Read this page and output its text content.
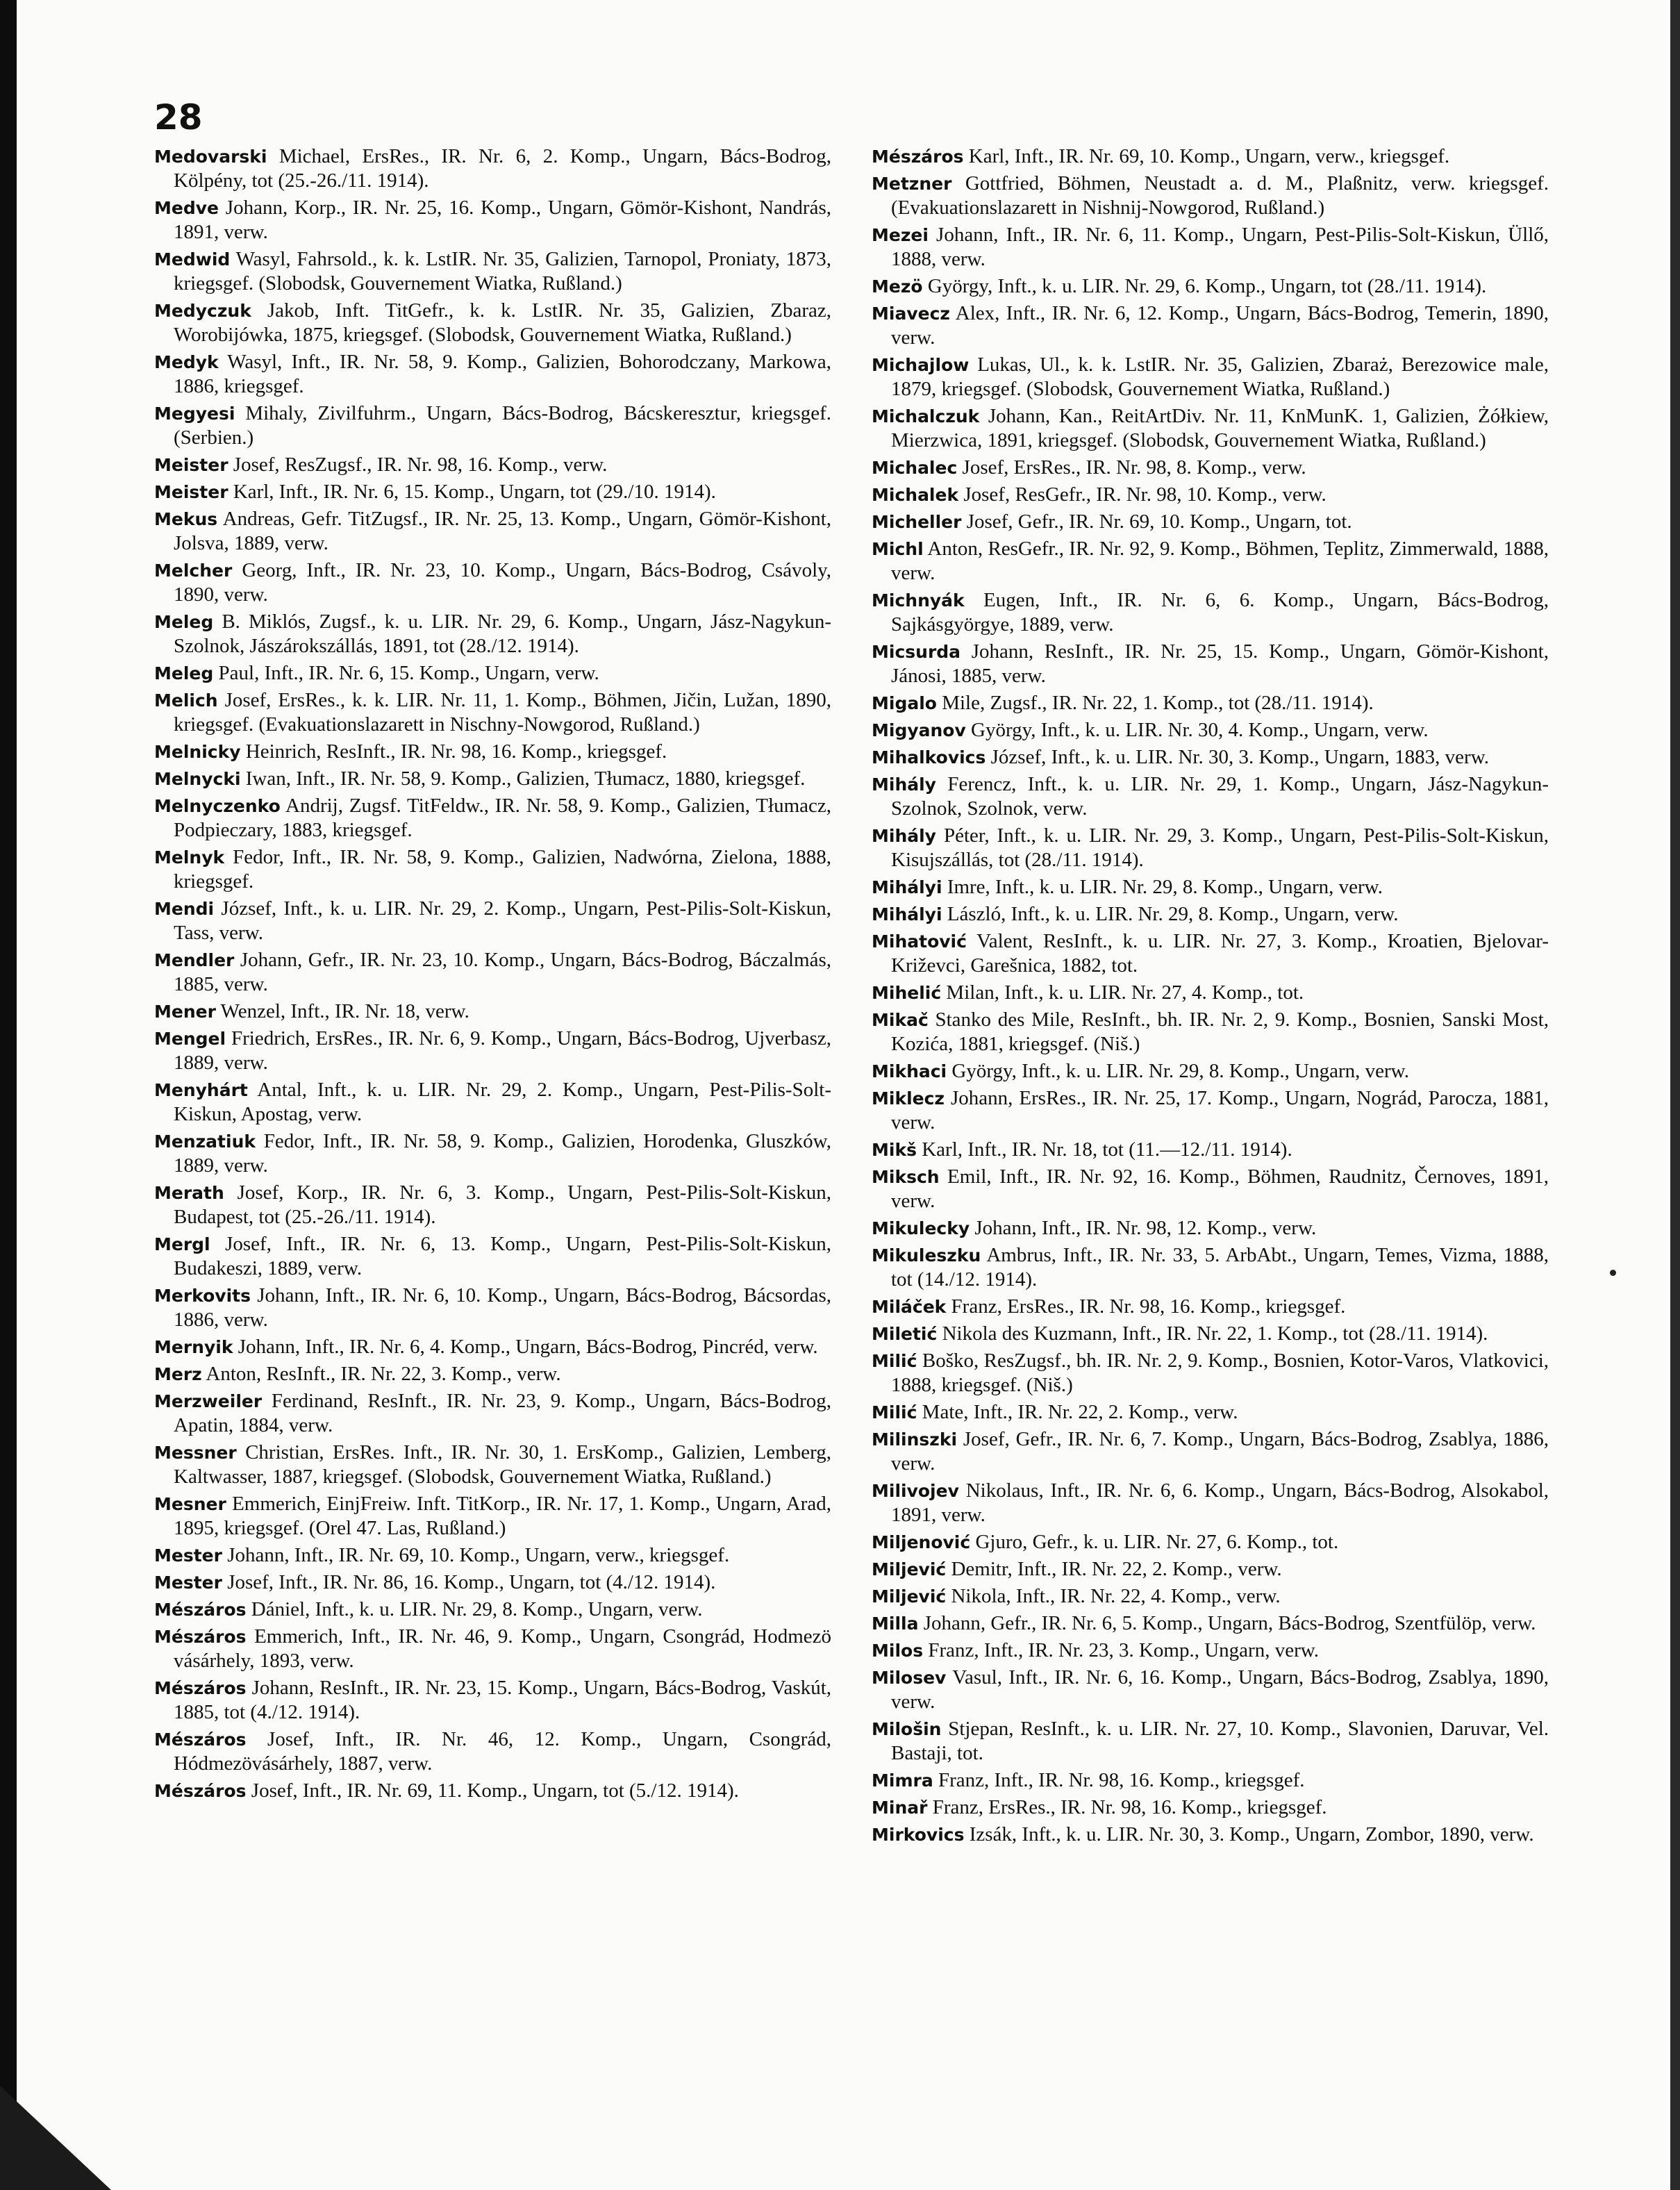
28

Medovarski Michael, ErsRes., IR. Nr. 6, 2. Komp., Ungarn, Bács-Bodrog, Kölpény, tot (25.-26./11. 1914).

Medve Johann, Korp., IR. Nr. 25, 16. Komp., Ungarn, Gömör-Kishont, Nandrás, 1891, verw.

Medwid Wasyl, Fahrsold., k. k. LstIR. Nr. 35, Galizien, Tarnopol, Proniaty, 1873, kriegsgef. (Slobodsk, Gouvernement Wiatka, Rußland.)

Medyczuk Jakob, Inft. TitGefr., k. k. LstIR. Nr. 35, Galizien, Zbaraz, Worobijówka, 1875, kriegsgef. (Slobodsk, Gouvernement Wiatka, Rußland.)

Medyk Wasyl, Inft., IR. Nr. 58, 9. Komp., Galizien, Bohorodczany, Markowa, 1886, kriegsgef.

Megyesi Mihaly, Zivilfuhrm., Ungarn, Bács-Bodrog, Bácskeresztur, kriegsgef. (Serbien.)

Meister Josef, ResZugsf., IR. Nr. 98, 16. Komp., verw.

Meister Karl, Inft., IR. Nr. 6, 15. Komp., Ungarn, tot (29./10. 1914).

Mekus Andreas, Gefr. TitZugsf., IR. Nr. 25, 13. Komp., Ungarn, Gömör-Kishont, Jolsva, 1889, verw.

Melcher Georg, Inft., IR. Nr. 23, 10. Komp., Ungarn, Bács-Bodrog, Csávoly, 1890, verw.

Meleg B. Miklós, Zugsf., k. u. LIR. Nr. 29, 6. Komp., Ungarn, Jász-Nagykun-Szolnok, Jászárokszállás, 1891, tot (28./12. 1914).

Meleg Paul, Inft., IR. Nr. 6, 15. Komp., Ungarn, verw.

Melich Josef, ErsRes., k. k. LIR. Nr. 11, 1. Komp., Böhmen, Jičin, Lužan, 1890, kriegsgef. (Evakuationslazarett in Nischny-Nowgorod, Rußland.)

Melnicky Heinrich, ResInft., IR. Nr. 98, 16. Komp., kriegsgef.

Melnycki Iwan, Inft., IR. Nr. 58, 9. Komp., Galizien, Tłumacz, 1880, kriegsgef.

Melnyczenko Andrij, Zugsf. TitFeldw., IR. Nr. 58, 9. Komp., Galizien, Tłumacz, Podpieczary, 1883, kriegsgef.

Melnyk Fedor, Inft., IR. Nr. 58, 9. Komp., Galizien, Nadwórna, Zielona, 1888, kriegsgef.

Mendi József, Inft., k. u. LIR. Nr. 29, 2. Komp., Ungarn, Pest-Pilis-Solt-Kiskun, Tass, verw.

Mendler Johann, Gefr., IR. Nr. 23, 10. Komp., Ungarn, Bács-Bodrog, Báczalmás, 1885, verw.

Mener Wenzel, Inft., IR. Nr. 18, verw.

Mengel Friedrich, ErsRes., IR. Nr. 6, 9. Komp., Ungarn, Bács-Bodrog, Ujverbasz, 1889, verw.

Menyhárt Antal, Inft., k. u. LIR. Nr. 29, 2. Komp., Ungarn, Pest-Pilis-Solt-Kiskun, Apostag, verw.

Menzatiuk Fedor, Inft., IR. Nr. 58, 9. Komp., Galizien, Horodenka, Gluszków, 1889, verw.

Merath Josef, Korp., IR. Nr. 6, 3. Komp., Ungarn, Pest-Pilis-Solt-Kiskun, Budapest, tot (25.-26./11. 1914).

Mergl Josef, Inft., IR. Nr. 6, 13. Komp., Ungarn, Pest-Pilis-Solt-Kiskun, Budakeszi, 1889, verw.

Merkovits Johann, Inft., IR. Nr. 6, 10. Komp., Ungarn, Bács-Bodrog, Bácsordas, 1886, verw.

Mernyik Johann, Inft., IR. Nr. 6, 4. Komp., Ungarn, Bács-Bodrog, Pincréd, verw.

Merz Anton, ResInft., IR. Nr. 22, 3. Komp., verw.

Merzweiler Ferdinand, ResInft., IR. Nr. 23, 9. Komp., Ungarn, Bács-Bodrog, Apatin, 1884, verw.

Messner Christian, ErsRes. Inft., IR. Nr. 30, 1. ErsKomp., Galizien, Lemberg, Kaltwasser, 1887, kriegsgef. (Slobodsk, Gouvernement Wiatka, Rußland.)

Mesner Emmerich, EinjFreiw. Inft. TitKorp., IR. Nr. 17, 1. Komp., Ungarn, Arad, 1895, kriegsgef. (Orel 47. Las, Rußland.)

Mester Johann, Inft., IR. Nr. 69, 10. Komp., Ungarn, verw., kriegsgef.

Mester Josef, Inft., IR. Nr. 86, 16. Komp., Ungarn, tot (4./12. 1914).

Mészáros Dániel, Inft., k. u. LIR. Nr. 29, 8. Komp., Ungarn, verw.

Mészáros Emmerich, Inft., IR. Nr. 46, 9. Komp., Ungarn, Csongrád, Hodmezö vásárhely, 1893, verw.

Mészáros Johann, ResInft., IR. Nr. 23, 15. Komp., Ungarn, Bács-Bodrog, Vaskút, 1885, tot (4./12. 1914).

Mészáros Josef, Inft., IR. Nr. 46, 12. Komp., Ungarn, Csongrád, Hódmezövásárhely, 1887, verw.

Mészáros Josef, Inft., IR. Nr. 69, 11. Komp., Ungarn, tot (5./12. 1914).

Mészáros Karl, Inft., IR. Nr. 69, 10. Komp., Ungarn, verw., kriegsgef.

Metzner Gottfried, Böhmen, Neustadt a. d. M., Plaßnitz, verw. kriegsgef. (Evakuationslazarett in Nishnij-Nowgorod, Rußland.)

Mezei Johann, Inft., IR. Nr. 6, 11. Komp., Ungarn, Pest-Pilis-Solt-Kiskun, Üllő, 1888, verw.

Mezö György, Inft., k. u. LIR. Nr. 29, 6. Komp., Ungarn, tot (28./11. 1914).

Miavecz Alex, Inft., IR. Nr. 6, 12. Komp., Ungarn, Bács-Bodrog, Temerin, 1890, verw.

Michajlow Lukas, Ul., k. k. LstIR. Nr. 35, Galizien, Zbaraż, Berezowice male, 1879, kriegsgef. (Slobodsk, Gouvernement Wiatka, Rußland.)

Michalczuk Johann, Kan., ReitArtDiv. Nr. 11, KnMunK. 1, Galizien, Żółkiew, Mierzwica, 1891, kriegsgef. (Slobodsk, Gouvernement Wiatka, Rußland.)

Michalec Josef, ErsRes., IR. Nr. 98, 8. Komp., verw.

Michalek Josef, ResGefr., IR. Nr. 98, 10. Komp., verw.

Micheller Josef, Gefr., IR. Nr. 69, 10. Komp., Ungarn, tot.

Michl Anton, ResGefr., IR. Nr. 92, 9. Komp., Böhmen, Teplitz, Zimmerwald, 1888, verw.

Michnyák Eugen, Inft., IR. Nr. 6, 6. Komp., Ungarn, Bács-Bodrog, Sajkásgyörgye, 1889, verw.

Micsurda Johann, ResInft., IR. Nr. 25, 15. Komp., Ungarn, Gömör-Kishont, Jánosi, 1885, verw.

Migalo Mile, Zugsf., IR. Nr. 22, 1. Komp., tot (28./11. 1914).

Migyanov György, Inft., k. u. LIR. Nr. 30, 4. Komp., Ungarn, verw.

Mihalkovics József, Inft., k. u. LIR. Nr. 30, 3. Komp., Ungarn, 1883, verw.

Mihály Ferencz, Inft., k. u. LIR. Nr. 29, 1. Komp., Ungarn, Jász-Nagykun-Szolnok, Szolnok, verw.

Mihály Péter, Inft., k. u. LIR. Nr. 29, 3. Komp., Ungarn, Pest-Pilis-Solt-Kiskun, Kisujszállás, tot (28./11. 1914).

Mihályi Imre, Inft., k. u. LIR. Nr. 29, 8. Komp., Ungarn, verw.

Mihályi László, Inft., k. u. LIR. Nr. 29, 8. Komp., Ungarn, verw.

Mihatović Valent, ResInft., k. u. LIR. Nr. 27, 3. Komp., Kroatien, Bjelovar-Križevci, Garešnica, 1882, tot.

Mihelić Milan, Inft., k. u. LIR. Nr. 27, 4. Komp., tot.

Mikač Stanko des Mile, ResInft., bh. IR. Nr. 2, 9. Komp., Bosnien, Sanski Most, Kozića, 1881, kriegsgef. (Niš.)

Mikhaci György, Inft., k. u. LIR. Nr. 29, 8. Komp., Ungarn, verw.

Miklecz Johann, ErsRes., IR. Nr. 25, 17. Komp., Ungarn, Nográd, Parocza, 1881, verw.

Mikš Karl, Inft., IR. Nr. 18, tot (11.—12./11. 1914).

Miksch Emil, Inft., IR. Nr. 92, 16. Komp., Böhmen, Raudnitz, Černoves, 1891, verw.

Mikulecky Johann, Inft., IR. Nr. 98, 12. Komp., verw.

Mikuleszku Ambrus, Inft., IR. Nr. 33, 5. ArbAbt., Ungarn, Temes, Vizma, 1888, tot (14./12. 1914).

Miláček Franz, ErsRes., IR. Nr. 98, 16. Komp., kriegsgef.

Miletić Nikola des Kuzmann, Inft., IR. Nr. 22, 1. Komp., tot (28./11. 1914).

Milić Boško, ResZugsf., bh. IR. Nr. 2, 9. Komp., Bosnien, Kotor-Varos, Vlatkovici, 1888, kriegsgef. (Niš.)

Milić Mate, Inft., IR. Nr. 22, 2. Komp., verw.

Milinszki Josef, Gefr., IR. Nr. 6, 7. Komp., Ungarn, Bács-Bodrog, Zsablya, 1886, verw.

Milivojev Nikolaus, Inft., IR. Nr. 6, 6. Komp., Ungarn, Bács-Bodrog, Alsokabol, 1891, verw.

Miljenović Gjuro, Gefr., k. u. LIR. Nr. 27, 6. Komp., tot.

Miljević Demitr, Inft., IR. Nr. 22, 2. Komp., verw.

Miljević Nikola, Inft., IR. Nr. 22, 4. Komp., verw.

Milla Johann, Gefr., IR. Nr. 6, 5. Komp., Ungarn, Bács-Bodrog, Szentfülöp, verw.

Milos Franz, Inft., IR. Nr. 23, 3. Komp., Ungarn, verw.

Milosev Vasul, Inft., IR. Nr. 6, 16. Komp., Ungarn, Bács-Bodrog, Zsablya, 1890, verw.

Milošin Stjepan, ResInft., k. u. LIR. Nr. 27, 10. Komp., Slavonien, Daruvar, Vel. Bastaji, tot.

Mimra Franz, Inft., IR. Nr. 98, 16. Komp., kriegsgef.

Minař Franz, ErsRes., IR. Nr. 98, 16. Komp., kriegsgef.

Mirkovics Izsák, Inft., k. u. LIR. Nr. 30, 3. Komp., Ungarn, Zombor, 1890, verw.
